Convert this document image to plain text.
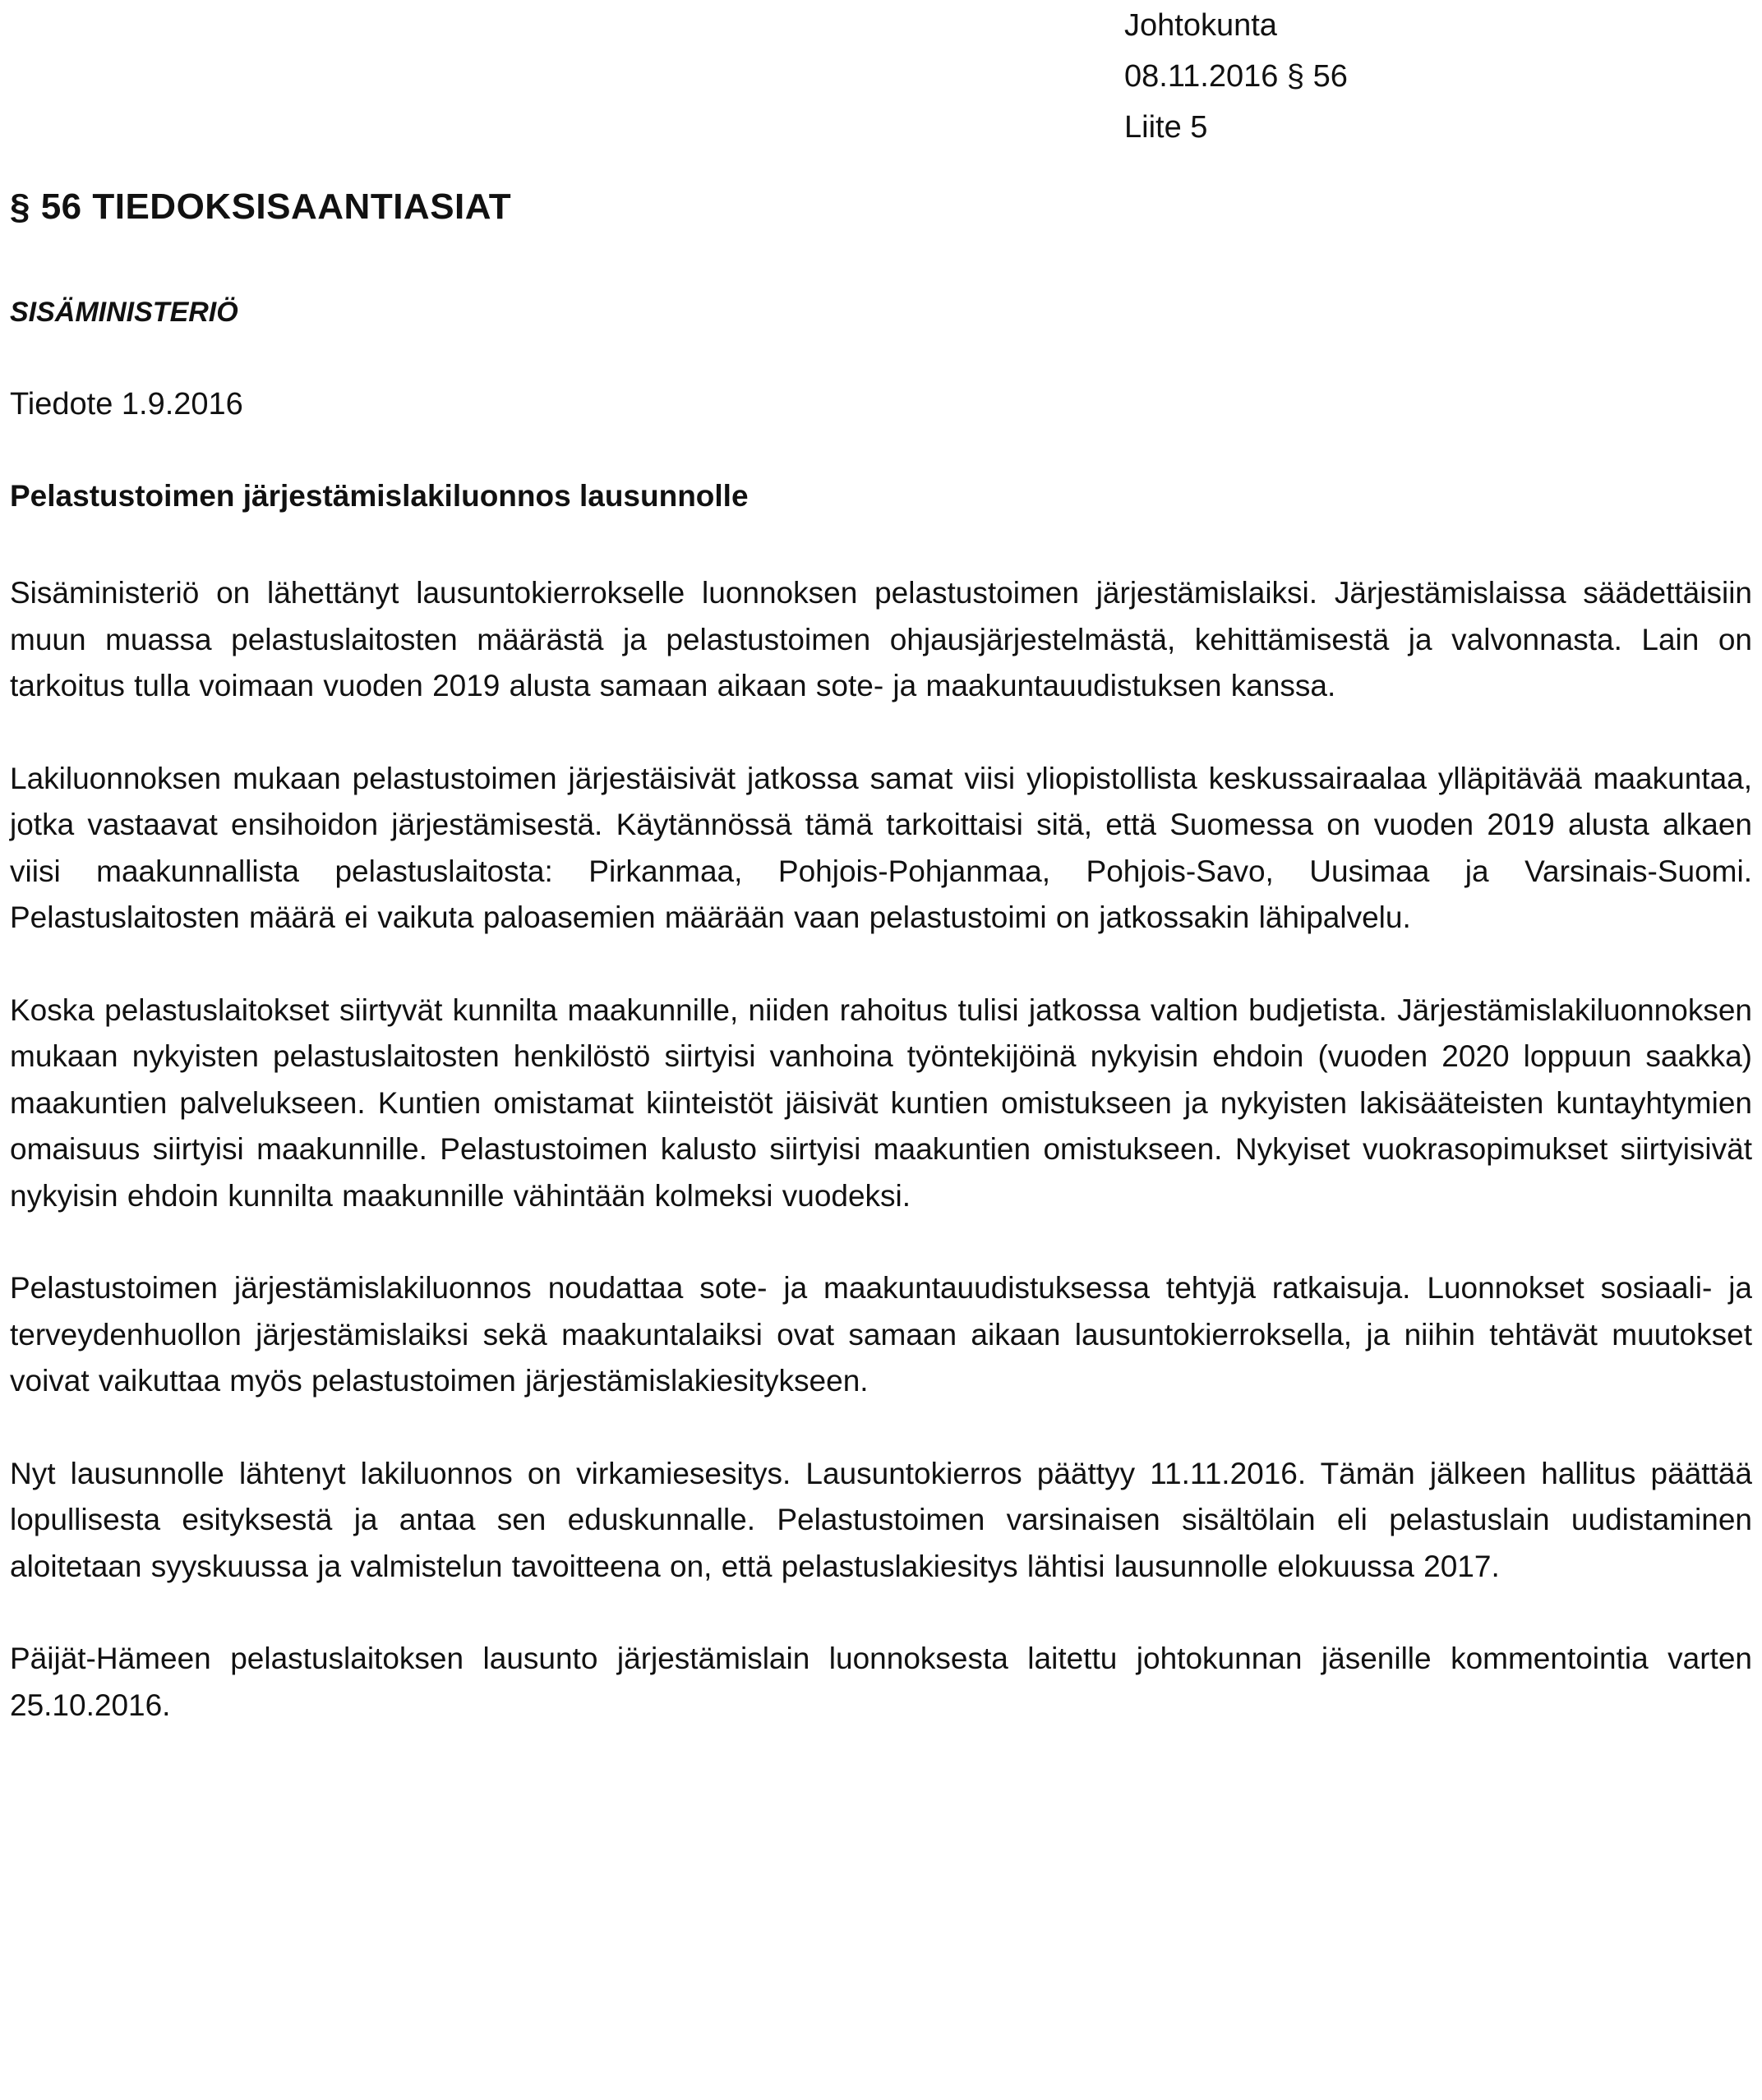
Johtokunta
08.11.2016 § 56
Liite 5
§ 56 TIEDOKSISAANTIASIAT
SISÄMINISTERIÖ
Tiedote 1.9.2016
Pelastustoimen järjestämislakiluonnos lausunnolle

Sisäministeriö on lähettänyt lausuntokierrokselle luonnoksen pelastustoimen järjestämislaiksi. Järjestämislaissa säädettäisiin muun muassa pelastuslaitosten määrästä ja pelastustoimen ohjausjärjestelmästä, kehittämisestä ja valvonnasta. Lain on tarkoitus tulla voimaan vuoden 2019 alusta samaan aikaan sote- ja maakuntauudistuksen kanssa.

Lakiluonnoksen mukaan pelastustoimen järjestäisivät jatkossa samat viisi yliopistollista keskussairaalaa ylläpitävää maakuntaa, jotka vastaavat ensihoidon järjestämisestä. Käytännössä tämä tarkoittaisi sitä, että Suomessa on vuoden 2019 alusta alkaen viisi maakunnallista pelastuslaitosta: Pirkanmaa, Pohjois-Pohjanmaa, Pohjois-Savo, Uusimaa ja Varsinais-Suomi. Pelastuslaitosten määrä ei vaikuta paloasemien määrään vaan pelastustoimi on jatkossakin lähipalvelu.

Koska pelastuslaitokset siirtyvät kunnilta maakunnille, niiden rahoitus tulisi jatkossa valtion budjetista. Järjestämislakiluonnoksen mukaan nykyisten pelastuslaitosten henkilöstö siirtyisi vanhoina työntekijöinä nykyisin ehdoin (vuoden 2020 loppuun saakka) maakuntien palvelukseen. Kuntien omistamat kiinteistöt jäisivät kuntien omistukseen ja nykyisten lakisääteisten kuntayhtymien omaisuus siirtyisi maakunnille. Pelastustoimen kalusto siirtyisi maakuntien omistukseen. Nykyiset vuokrasopimukset siirtyisivät nykyisin ehdoin kunnilta maakunnille vähintään kolmeksi vuodeksi.

Pelastustoimen järjestämislakiluonnos noudattaa sote- ja maakuntauudistuksessa tehtyjä ratkaisuja. Luonnokset sosiaali- ja terveydenhuollon järjestämislaiksi sekä maakuntalaiksi ovat samaan aikaan lausuntokierroksella, ja niihin tehtävät muutokset voivat vaikuttaa myös pelastustoimen järjestämislakiesitykseen.

Nyt lausunnolle lähtenyt lakiluonnos on virkamiesesitys. Lausuntokierros päättyy 11.11.2016. Tämän jälkeen hallitus päättää lopullisesta esityksestä ja antaa sen eduskunnalle. Pelastustoimen varsinaisen sisältölain eli pelastuslain uudistaminen aloitetaan syyskuussa ja valmistelun tavoitteena on, että pelastuslakiesitys lähtisi lausunnolle elokuussa 2017.

Päijät-Hämeen pelastuslaitoksen lausunto järjestämislain luonnoksesta laitettu johtokunnan jäsenille kommentointia varten 25.10.2016.
